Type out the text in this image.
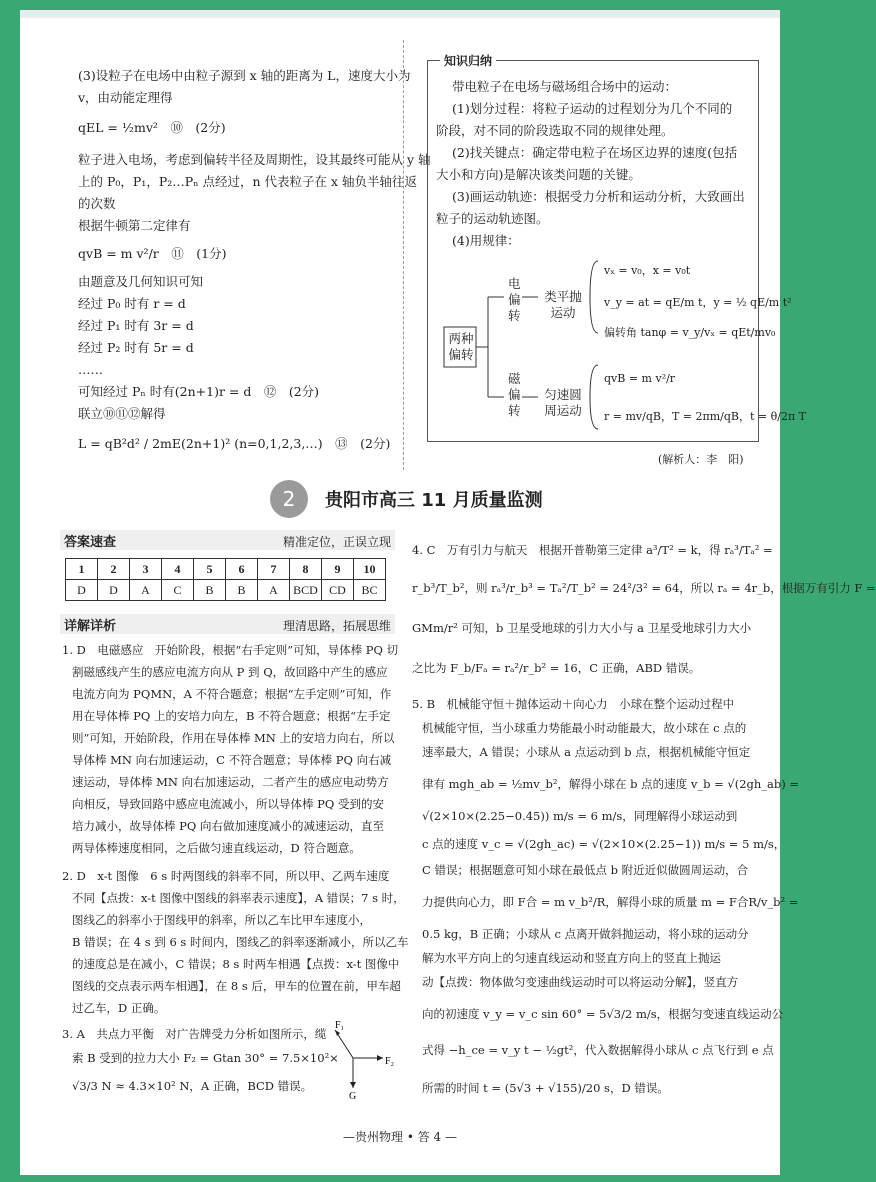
(3)设粒子在电场中由粒子源到 x 轴的距离为 L，速度大小为
v，由动能定理得
qEL = ½mv²　⑩　(2分)
粒子进入电场，考虑到偏转半径及周期性，设其最终可能从 y 轴
上的 P₀，P₁，P₂…Pₙ 点经过，n 代表粒子在 x 轴负半轴往返
的次数
根据牛顿第二定律有
qvB = m v²/r　⑪　(1分)
由题意及几何知识可知
经过 P₀ 时有 r = d
经过 P₁ 时有 3r = d
经过 P₂ 时有 5r = d
……
可知经过 Pₙ 时有(2n+1)r = d　⑫　(2分)
联立⑩⑪⑫解得
L = qB²d² / 2mE(2n+1)² (n=0,1,2,3,…)　⑬　(2分)
知识归纳
带电粒子在电场与磁场组合场中的运动：
(1)划分过程：将粒子运动的过程划分为几个不同的
阶段，对不同的阶段选取不同的规律处理。
(2)找关键点：确定带电粒子在场区边界的速度(包括
大小和方向)是解决该类问题的关键。
(3)画运动轨迹：根据受力分析和运动分析，大致画出
粒子的运动轨迹图。
(4)用规律：
两种偏转
电偏转
类平抛运动
vₓ = v₀，x = v₀t
v_y = at = qE/m t，y = ½ qE/m t²
偏转角 tanφ = v_y/vₓ = qEt/mv₀
磁偏转
匀速圆周运动
qvB = m v²/r
r = mv/qB，T = 2πm/qB，t = θ/2π T
(解析人：李　阳)
2	贵阳市高三 11 月质量监测
答案速查	精准定位，正误立现
1	2	3	4	5	6	7	8	9	10
D	D	A	C	B	B	A	BCD	CD	BC
详解详析	理清思路，拓展思维
1. D　电磁感应　开始阶段，根据“右手定则”可知，导体棒 PQ 切
割磁感线产生的感应电流方向从 P 到 Q，故回路中产生的感应
电流方向为 PQMN，A 不符合题意；根据“左手定则”可知，作
用在导体棒 PQ 上的安培力向左，B 不符合题意；根据“左手定
则”可知，开始阶段，作用在导体棒 MN 上的安培力向右，所以
导体棒 MN 向右加速运动，C 不符合题意；导体棒 PQ 向右减
速运动，导体棒 MN 向右加速运动，二者产生的感应电动势方
向相反，导致回路中感应电流减小，所以导体棒 PQ 受到的安
培力减小，故导体棒 PQ 向右做加速度减小的减速运动，直至
两导体棒速度相同，之后做匀速直线运动，D 符合题意。
2. D　x-t 图像　6 s 时两图线的斜率不同，所以甲、乙两车速度
不同【点拨：x-t 图像中图线的斜率表示速度】，A 错误；7 s 时，
图线乙的斜率小于图线甲的斜率，所以乙车比甲车速度小，
B 错误；在 4 s 到 6 s 时间内，图线乙的斜率逐渐减小，所以乙车
的速度总是在减小，C 错误；8 s 时两车相遇【点拨：x-t 图像中
图线的交点表示两车相遇】，在 8 s 后，甲车的位置在前，甲车超
过乙车，D 正确。
3. A　共点力平衡　对广告牌受力分析如图所示，缆
索 B 受到的拉力大小 F₂ = Gtan 30° = 7.5×10²×
√3/3 N ≈ 4.3×10² N，A 正确，BCD 错误。
F₁
F₂
G
4. C　万有引力与航天　根据开普勒第三定律 a³/T² = k，得 rₐ³/Tₐ² =
r_b³/T_b²，则 rₐ³/r_b³ = Tₐ²/T_b² = 24²/3² = 64，所以 rₐ = 4r_b，根据万有引力 F =
GMm/r² 可知，b 卫星受地球的引力大小与 a 卫星受地球引力大小
之比为 F_b/Fₐ = rₐ²/r_b² = 16，C 正确，ABD 错误。
5. B　机械能守恒＋抛体运动＋向心力　小球在整个运动过程中
机械能守恒，当小球重力势能最小时动能最大，故小球在 c 点的
速率最大，A 错误；小球从 a 点运动到 b 点，根据机械能守恒定
律有 mgh_ab = ½mv_b²，解得小球在 b 点的速度 v_b = √(2gh_ab) =
√(2×10×(2.25−0.45)) m/s = 6 m/s，同理解得小球运动到
c 点的速度 v_c = √(2gh_ac) = √(2×10×(2.25−1)) m/s = 5 m/s，
C 错误；根据题意可知小球在最低点 b 附近近似做圆周运动，合
力提供向心力，即 F合 = m v_b²/R，解得小球的质量 m = F合R/v_b² =
0.5 kg，B 正确；小球从 c 点离开做斜抛运动，将小球的运动分
解为水平方向上的匀速直线运动和竖直方向上的竖直上抛运
动【点拨：物体做匀变速曲线运动时可以将运动分解】，竖直方
向的初速度 v_y = v_c sin 60° = 5√3/2 m/s，根据匀变速直线运动公
式得 −h_ce = v_y t − ½gt²，代入数据解得小球从 c 点飞行到 e 点
所需的时间 t = (5√3 + √155)/20 s，D 错误。
—贵州物理 • 答 4 —
